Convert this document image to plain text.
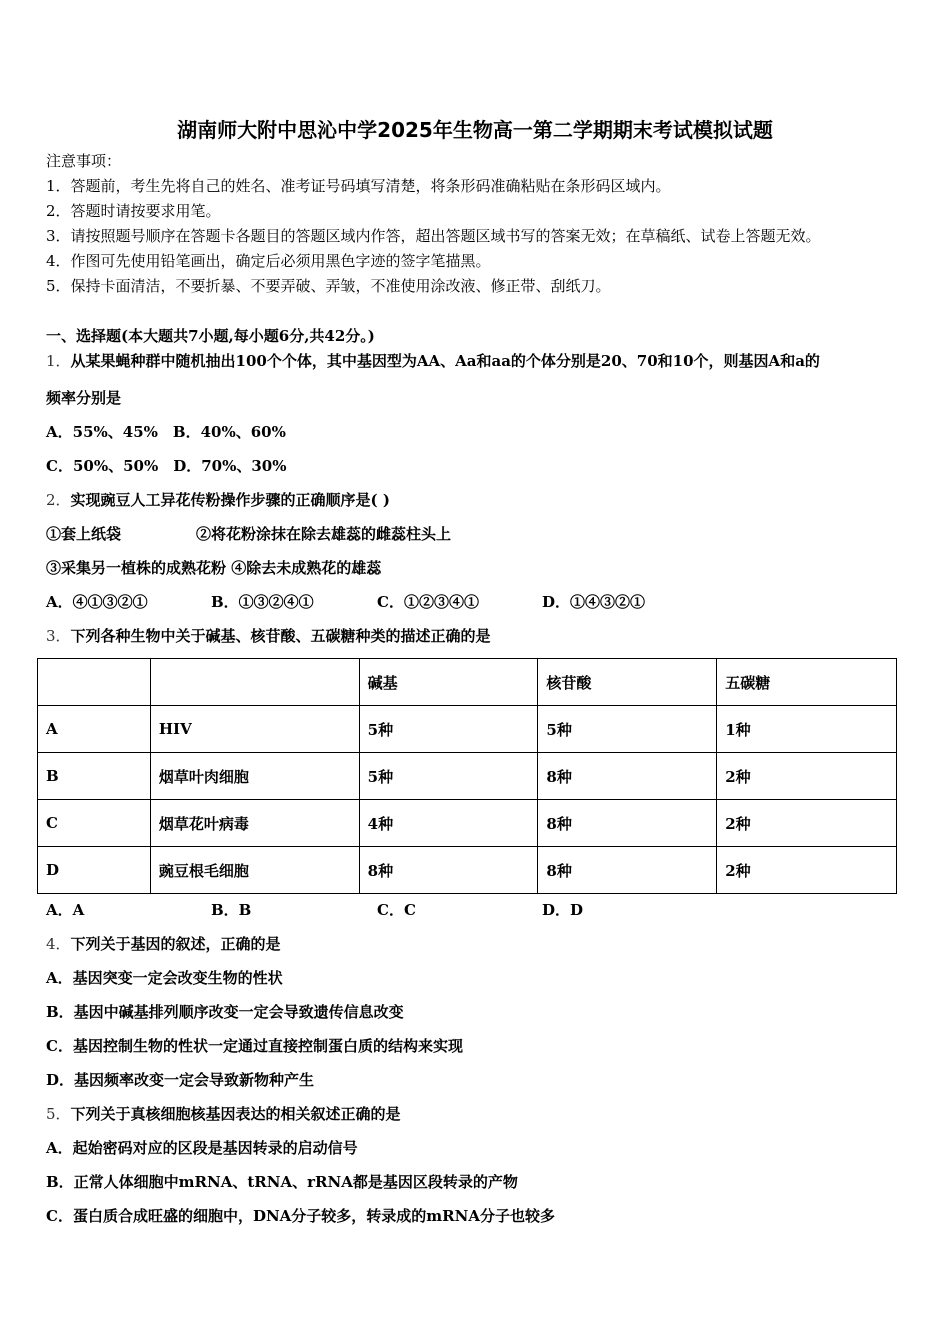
湖南师大附中思沁中学2025年生物高一第二学期期末考试模拟试题
注意事项：
1．答题前，考生先将自己的姓名、准考证号码填写清楚，将条形码准确粘贴在条形码区域内。
2．答题时请按要求用笔。
3．请按照题号顺序在答题卡各题目的答题区域内作答，超出答题区域书写的答案无效；在草稿纸、试卷上答题无效。
4．作图可先使用铅笔画出，确定后必须用黑色字迹的签字笔描黑。
5．保持卡面清洁，不要折暴、不要弄破、弄皱，不准使用涂改液、修正带、刮纸刀。
一、选择题(本大题共7小题,每小题6分,共42分。)
1．从某果蝇种群中随机抽出100个个体，其中基因型为AA、Aa和aa的个体分别是20、70和10个，则基因A和a的
频率分别是
A．55%、45%　B．40%、60%
C．50%、50%　D．70%、30%
2．实现豌豆人工异花传粉操作步骤的正确顺序是( )
①套上纸袋	②将花粉涂抹在除去雄蕊的雌蕊柱头上
③采集另一植株的成熟花粉 ④除去未成熟花的雄蕊
A．④①③②①	B．①③②④①	C．①②③④①	D．①④③②①
3．下列各种生物中关于碱基、核苷酸、五碳糖种类的描述正确的是
		碱基	核苷酸	五碳糖
A	HIV	5种	5种	1种
B	烟草叶肉细胞	5种	8种	2种
C	烟草花叶病毒	4种	8种	2种
D	豌豆根毛细胞	8种	8种	2种
A．A	B．B	C．C	D．D
4．下列关于基因的叙述，正确的是
A．基因突变一定会改变生物的性状
B．基因中碱基排列顺序改变一定会导致遗传信息改变
C．基因控制生物的性状一定通过直接控制蛋白质的结构来实现
D．基因频率改变一定会导致新物种产生
5．下列关于真核细胞核基因表达的相关叙述正确的是
A．起始密码对应的区段是基因转录的启动信号
B．正常人体细胞中mRNA、tRNA、rRNA都是基因区段转录的产物
C．蛋白质合成旺盛的细胞中，DNA分子较多，转录成的mRNA分子也较多
